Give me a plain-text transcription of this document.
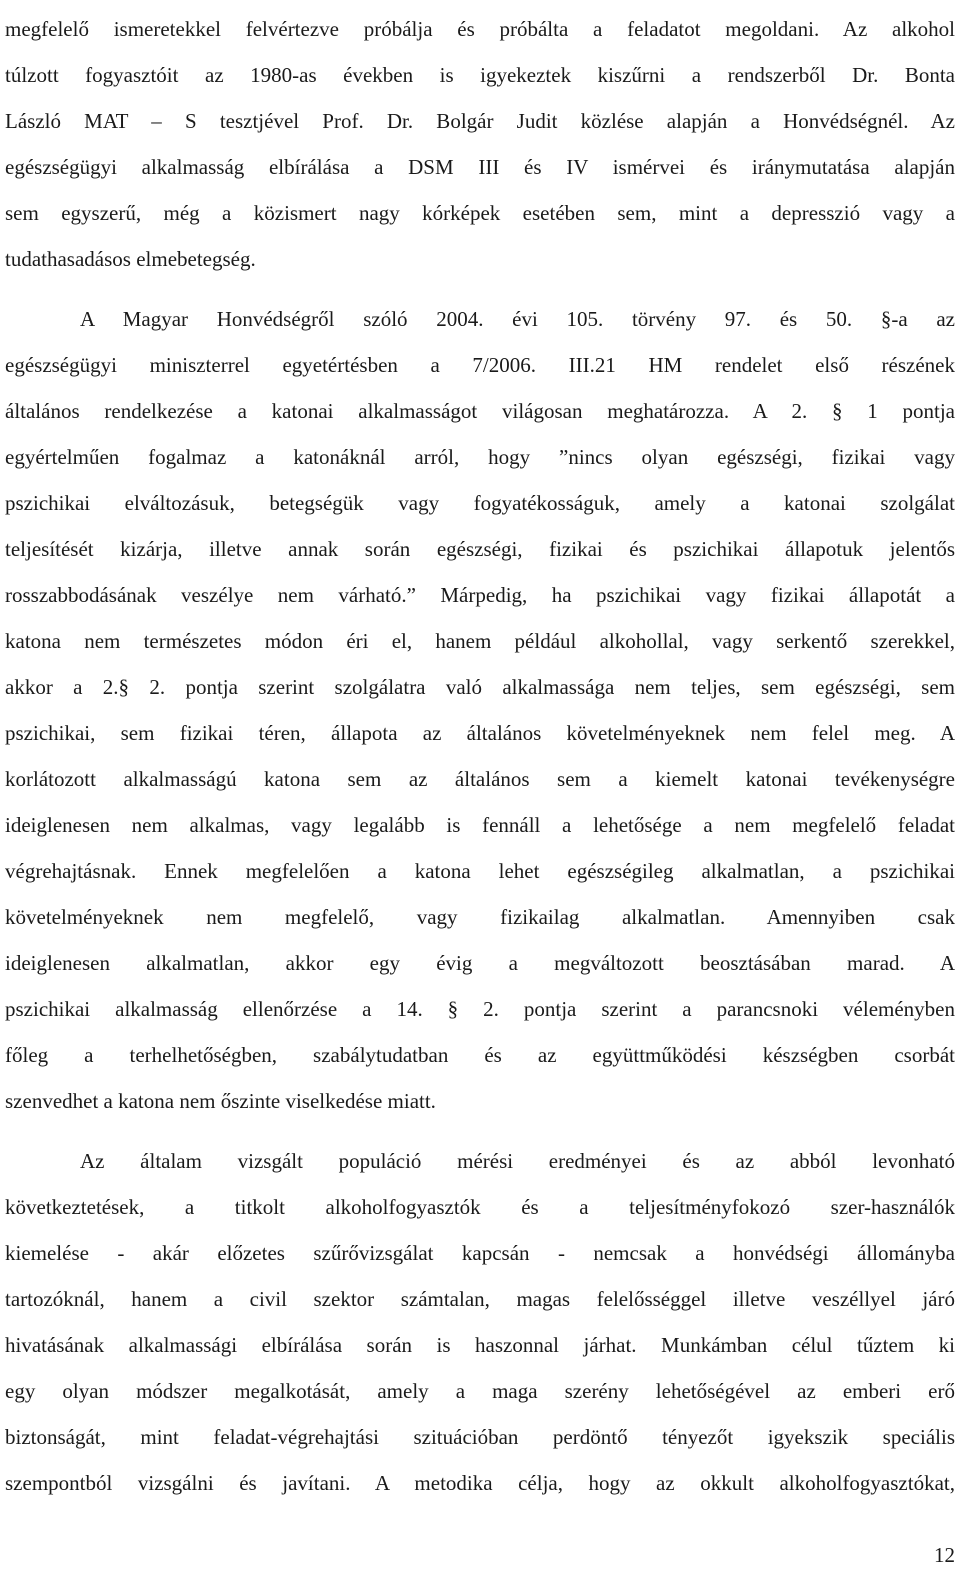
megfelelő ismeretekkel felvértezve próbálja és próbálta a feladatot megoldani. Az alkohol
túlzott fogyasztóit az 1980-as években is igyekeztek kiszűrni a rendszerből Dr. Bonta
László MAT – S tesztjével Prof. Dr. Bolgár Judit közlése alapján a Honvédségnél. Az
egészségügyi alkalmasság elbírálása a DSM III és IV ismérvei és iránymutatása alapján
sem egyszerű, még a közismert nagy kórképek esetében sem, mint a depresszió vagy a
tudathasadásos elmebetegség.
A Magyar Honvédségről szóló 2004. évi 105. törvény 97. és 50. §-a az
egészségügyi miniszterrel egyetértésben a 7/2006. III.21 HM rendelet első részének
általános rendelkezése a katonai alkalmasságot világosan meghatározza. A 2. § 1 pontja
egyértelműen fogalmaz a katonáknál arról, hogy ”nincs olyan egészségi, fizikai vagy
pszichikai elváltozásuk, betegségük vagy fogyatékosságuk, amely a katonai szolgálat
teljesítését kizárja, illetve annak során egészségi, fizikai és pszichikai állapotuk jelentős
rosszabbodásának veszélye nem várható.” Márpedig, ha pszichikai vagy fizikai állapotát a
katona nem természetes módon éri el, hanem például alkohollal, vagy serkentő szerekkel,
akkor a 2.§ 2. pontja szerint szolgálatra való alkalmassága nem teljes, sem egészségi, sem
pszichikai, sem fizikai téren, állapota az általános követelményeknek nem felel meg. A
korlátozott alkalmasságú katona sem az általános sem a kiemelt katonai tevékenységre
ideiglenesen nem alkalmas, vagy legalább is fennáll a lehetősége a nem megfelelő feladat
végrehajtásnak. Ennek megfelelően a katona lehet egészségileg alkalmatlan, a pszichikai
követelményeknek nem megfelelő, vagy fizikailag alkalmatlan. Amennyiben csak
ideiglenesen alkalmatlan, akkor egy évig a megváltozott beosztásában marad. A
pszichikai alkalmasság ellenőrzése a 14. § 2. pontja szerint a parancsnoki véleményben
főleg a terhelhetőségben, szabálytudatban és az együttműködési készségben csorbát
szenvedhet a katona nem őszinte viselkedése miatt.
Az általam vizsgált populáció mérési eredményei és az abból levonható
következtetések, a titkolt alkoholfogyasztók és a teljesítményfokozó szer-használók
kiemelése - akár előzetes szűrővizsgálat kapcsán - nemcsak a honvédségi állományba
tartozóknál, hanem a civil szektor számtalan, magas felelősséggel illetve veszéllyel járó
hivatásának alkalmassági elbírálása során is haszonnal járhat. Munkámban célul tűztem ki
egy olyan módszer megalkotását, amely a maga szerény lehetőségével az emberi erő
biztonságát, mint feladat-végrehajtási szituációban perdöntő tényezőt igyekszik speciális
szempontból vizsgálni és javítani. A metodika célja, hogy az okkult alkoholfogyasztókat,
12
